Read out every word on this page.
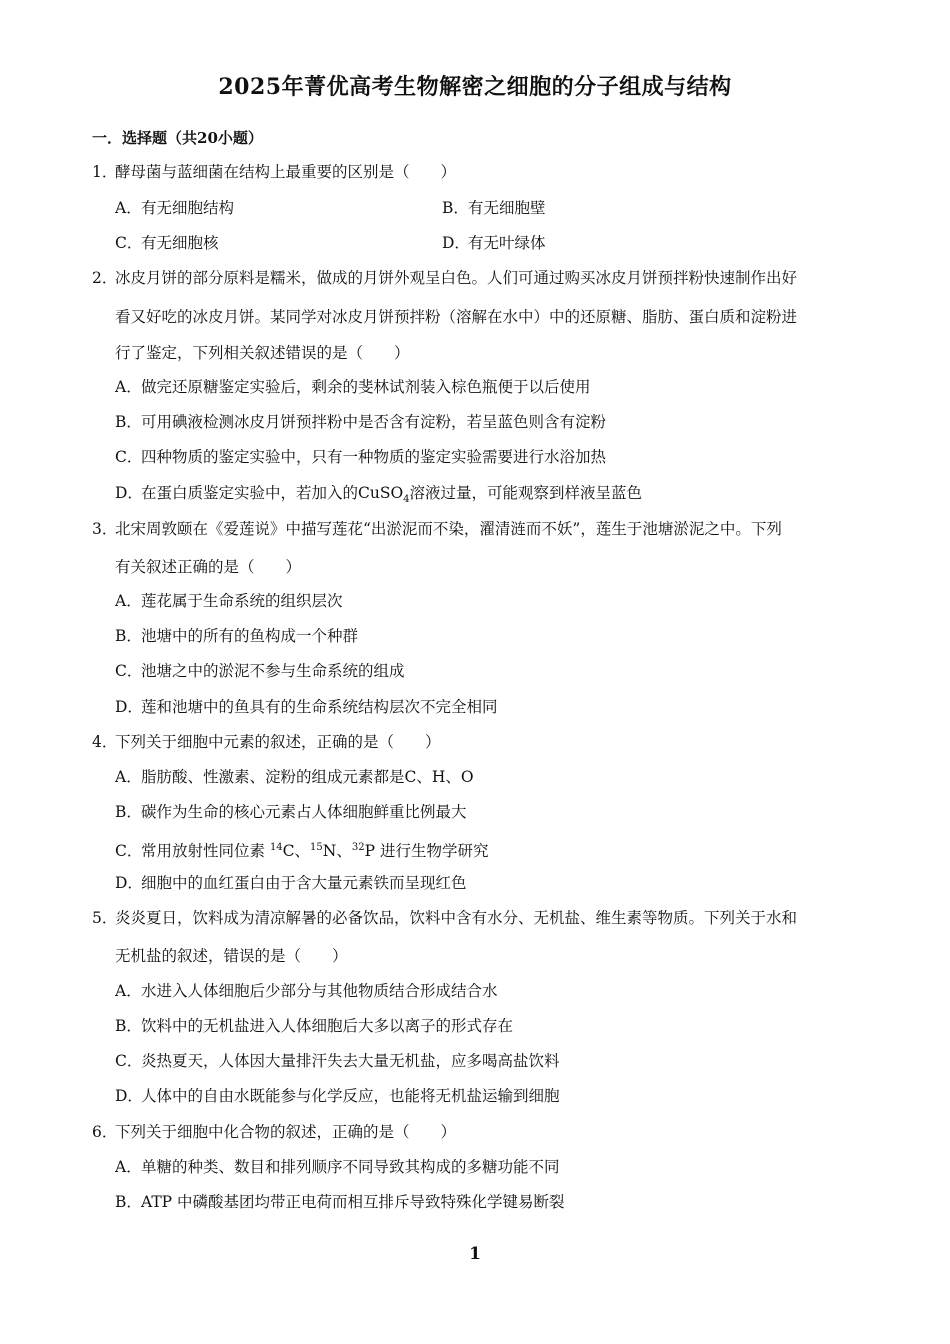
2025年菁优高考生物解密之细胞的分子组成与结构
一．选择题（共20小题）
1．酵母菌与蓝细菌在结构上最重要的区别是（　　）
A．有无细胞结构	B．有无细胞壁
C．有无细胞核	D．有无叶绿体
2．冰皮月饼的部分原料是糯米，做成的月饼外观呈白色。人们可通过购买冰皮月饼预拌粉快速制作出好
看又好吃的冰皮月饼。某同学对冰皮月饼预拌粉（溶解在水中）中的还原糖、脂肪、蛋白质和淀粉进
行了鉴定，下列相关叙述错误的是（　　）
A．做完还原糖鉴定实验后，剩余的斐林试剂装入棕色瓶便于以后使用
B．可用碘液检测冰皮月饼预拌粉中是否含有淀粉，若呈蓝色则含有淀粉
C．四种物质的鉴定实验中，只有一种物质的鉴定实验需要进行水浴加热
D．在蛋白质鉴定实验中，若加入的CuSO$_4$溶液过量，可能观察到样液呈蓝色
3．北宋周敦颐在《爱莲说》中描写莲花“出淤泥而不染，濯清涟而不妖”，莲生于池塘淤泥之中。下列
有关叙述正确的是（　　）
A．莲花属于生命系统的组织层次
B．池塘中的所有的鱼构成一个种群
C．池塘之中的淤泥不参与生命系统的组成
D．莲和池塘中的鱼具有的生命系统结构层次不完全相同
4．下列关于细胞中元素的叙述，正确的是（　　）
A．脂肪酸、性激素、淀粉的组成元素都是C、H、O
B．碳作为生命的核心元素占人体细胞鲜重比例最大
C．常用放射性同位素 $^{14}$C、$^{15}$N、$^{32}$P 进行生物学研究
D．细胞中的血红蛋白由于含大量元素铁而呈现红色
5．炎炎夏日，饮料成为清凉解暑的必备饮品，饮料中含有水分、无机盐、维生素等物质。下列关于水和
无机盐的叙述，错误的是（　　）
A．水进入人体细胞后少部分与其他物质结合形成结合水
B．饮料中的无机盐进入人体细胞后大多以离子的形式存在
C．炎热夏天，人体因大量排汗失去大量无机盐，应多喝高盐饮料
D．人体中的自由水既能参与化学反应，也能将无机盐运输到细胞
6．下列关于细胞中化合物的叙述，正确的是（　　）
A．单糖的种类、数目和排列顺序不同导致其构成的多糖功能不同
B．ATP 中磷酸基团均带正电荷而相互排斥导致特殊化学键易断裂
1
